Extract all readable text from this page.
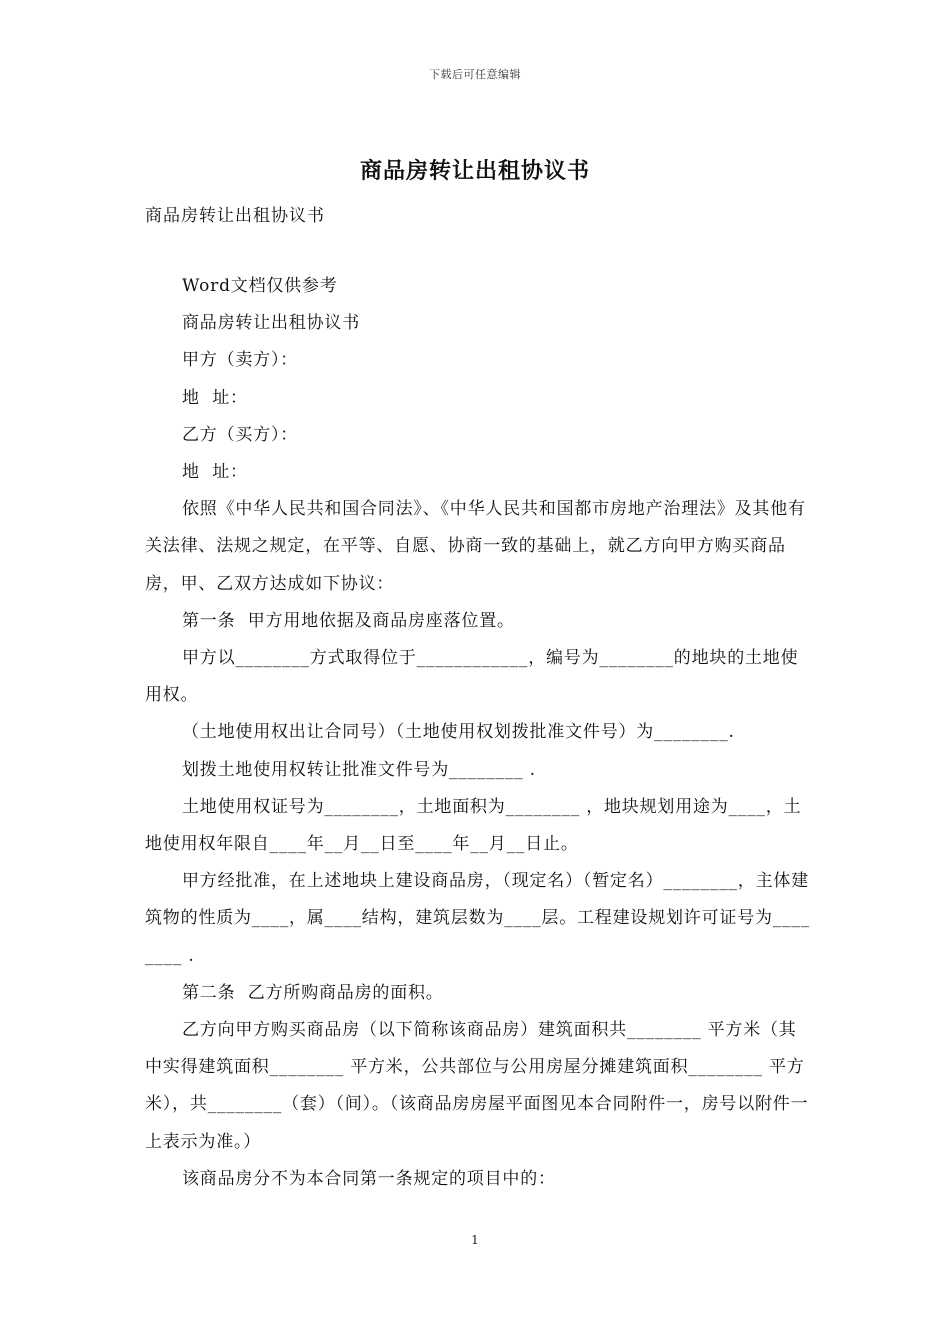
下载后可任意编辑
商品房转让出租协议书
商品房转让出租协议书

Word文档仅供参考

商品房转让出租协议书

甲方（卖方）：

地  址：

乙方（买方）：

地  址：

依照《中华人民共和国合同法》、《中华人民共和国都市房地产治理法》及其他有关法律、法规之规定，在平等、自愿、协商一致的基础上，就乙方向甲方购买商品房，甲、乙双方达成如下协议：

第一条  甲方用地依据及商品房座落位置。

甲方以________方式取得位于____________，编号为________的地块的土地使用权。

（土地使用权出让合同号）（土地使用权划拨批准文件号）为________.

划拨土地使用权转让批准文件号为________ .

土地使用权证号为________，土地面积为________ ，地块规划用途为____，土地使用权年限自____年__月__日至____年__月__日止。

甲方经批准，在上述地块上建设商品房，（现定名）（暂定名）________，主体建筑物的性质为____，属____结构，建筑层数为____层。工程建设规划许可证号为________ .

第二条  乙方所购商品房的面积。

乙方向甲方购买商品房（以下简称该商品房）建筑面积共________ 平方米（其中实得建筑面积________ 平方米，公共部位与公用房屋分摊建筑面积________ 平方米），共________（套）（间）。（该商品房房屋平面图见本合同附件一，房号以附件一上表示为准。）

该商品房分不为本合同第一条规定的项目中的：

1
